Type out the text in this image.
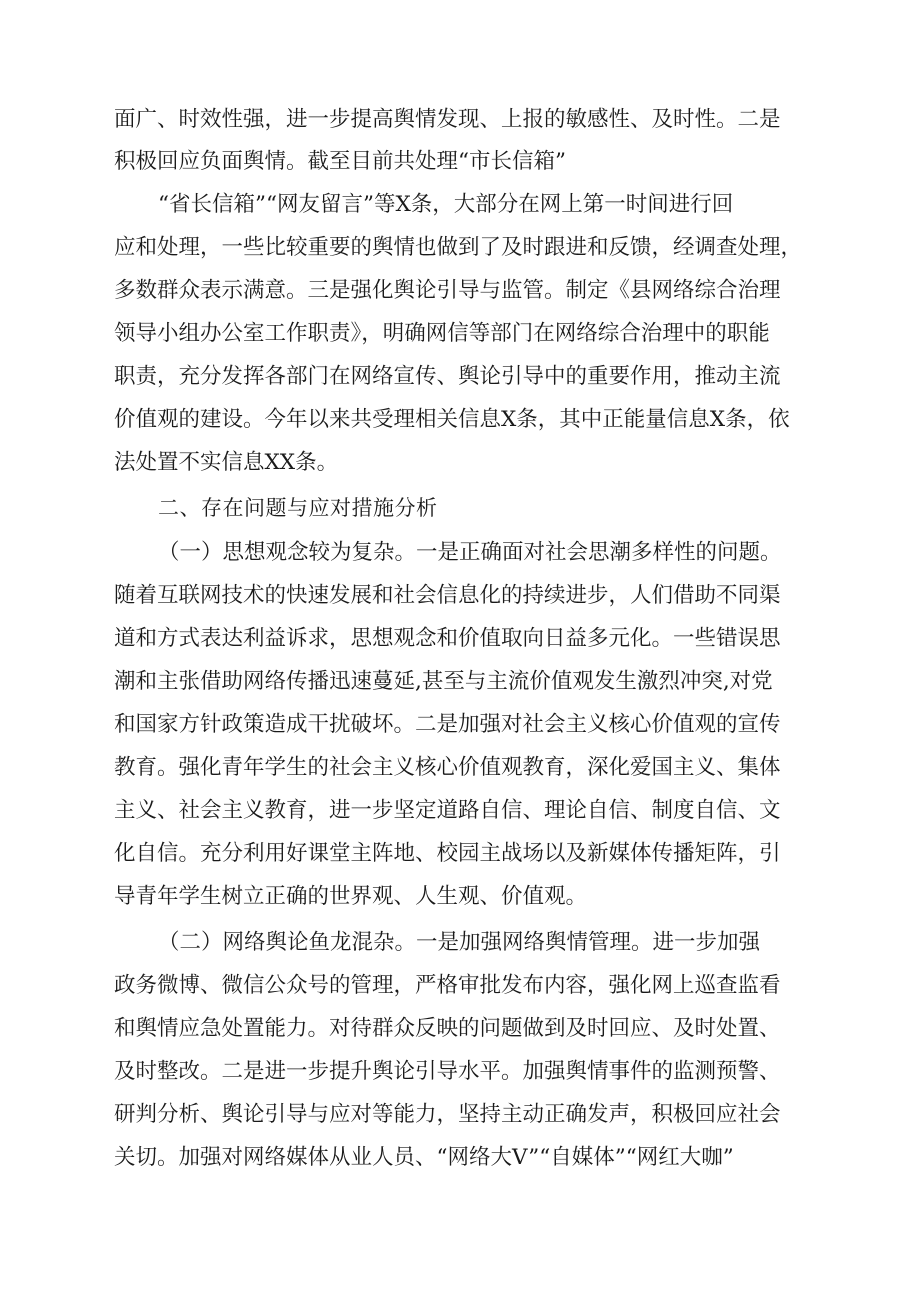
面广、时效性强，进一步提高舆情发现、上报的敏感性、及时性。二是
积极回应负面舆情。截至目前共处理“市长信箱”
“省长信箱”“网友留言”等X条，大部分在网上第一时间进行回
应和处理，一些比较重要的舆情也做到了及时跟进和反馈，经调查处理，
多数群众表示满意。三是强化舆论引导与监管。制定《县网络综合治理
领导小组办公室工作职责》，明确网信等部门在网络综合治理中的职能
职责，充分发挥各部门在网络宣传、舆论引导中的重要作用，推动主流
价值观的建设。今年以来共受理相关信息X条，其中正能量信息X条，依
法处置不实信息XX条。
二、存在问题与应对措施分析
（一）思想观念较为复杂。一是正确面对社会思潮多样性的问题。
随着互联网技术的快速发展和社会信息化的持续进步，人们借助不同渠
道和方式表达利益诉求，思想观念和价值取向日益多元化。一些错误思
潮和主张借助网络传播迅速蔓延,甚至与主流价值观发生激烈冲突,对党
和国家方针政策造成干扰破坏。二是加强对社会主义核心价值观的宣传
教育。强化青年学生的社会主义核心价值观教育，深化爱国主义、集体
主义、社会主义教育，进一步坚定道路自信、理论自信、制度自信、文
化自信。充分利用好课堂主阵地、校园主战场以及新媒体传播矩阵，引
导青年学生树立正确的世界观、人生观、价值观。
（二）网络舆论鱼龙混杂。一是加强网络舆情管理。进一步加强
政务微博、微信公众号的管理，严格审批发布内容，强化网上巡查监看
和舆情应急处置能力。对待群众反映的问题做到及时回应、及时处置、
及时整改。二是进一步提升舆论引导水平。加强舆情事件的监测预警、
研判分析、舆论引导与应对等能力，坚持主动正确发声，积极回应社会
关切。加强对网络媒体从业人员、“网络大V”“自媒体”“网红大咖”
